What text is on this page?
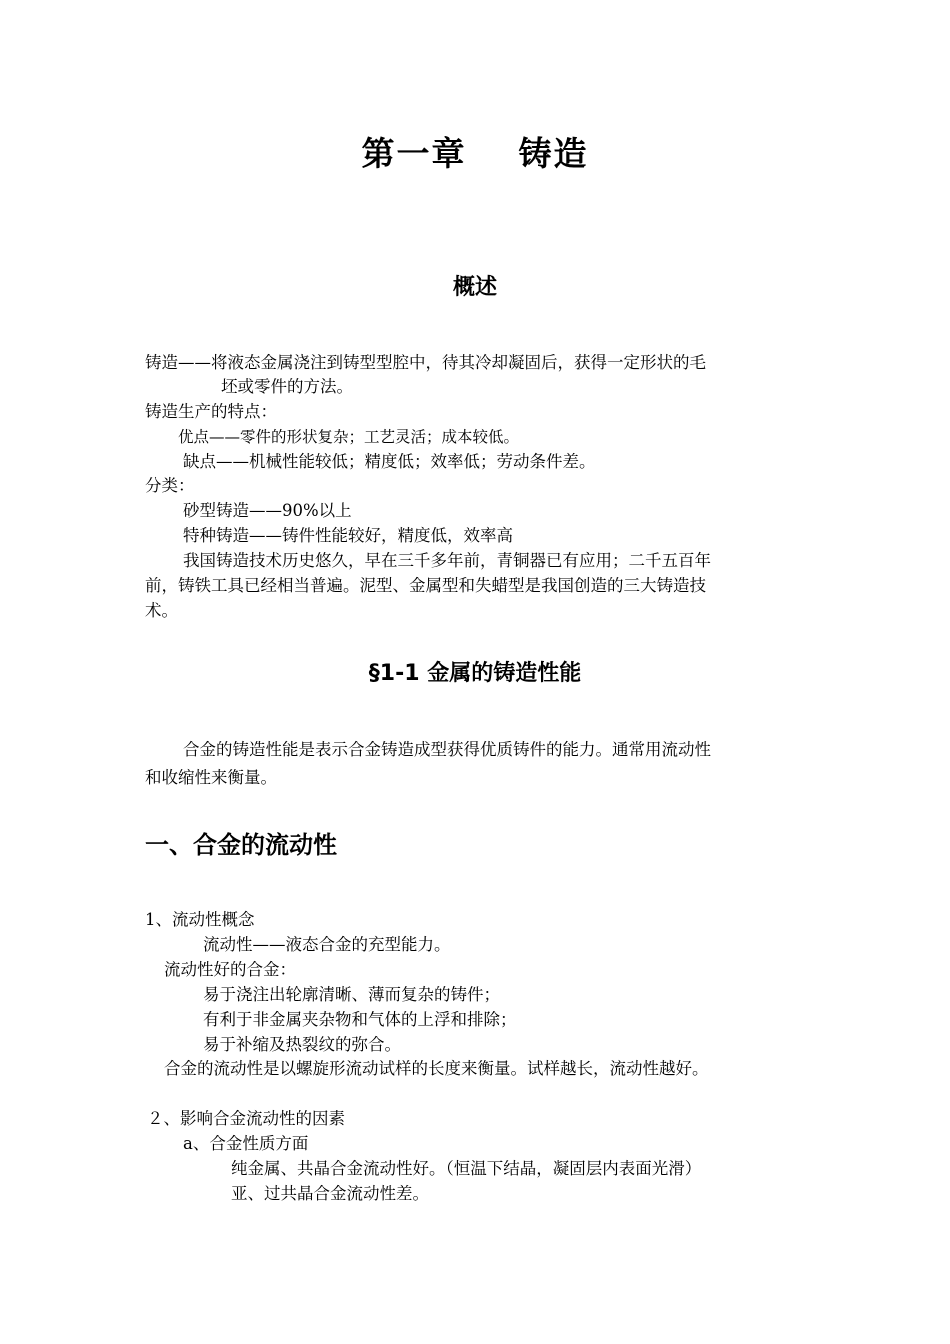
第一章 铸造
概述
铸造——将液态金属浇注到铸型型腔中，待其冷却凝固后，获得一定形状的毛
坯或零件的方法。
铸造生产的特点：
优点——零件的形状复杂；工艺灵活；成本较低。
缺点——机械性能较低；精度低；效率低；劳动条件差。
分类：
砂型铸造——90%以上
特种铸造——铸件性能较好，精度低，效率高
我国铸造技术历史悠久，早在三千多年前，青铜器已有应用；二千五百年
前，铸铁工具已经相当普遍。泥型、金属型和失蜡型是我国创造的三大铸造技
术。
§1-1 金属的铸造性能
合金的铸造性能是表示合金铸造成型获得优质铸件的能力。通常用流动性
和收缩性来衡量。
一、合金的流动性
1、流动性概念
流动性——液态合金的充型能力。
流动性好的合金：
易于浇注出轮廓清晰、薄而复杂的铸件；
有利于非金属夹杂物和气体的上浮和排除；
易于补缩及热裂纹的弥合。
合金的流动性是以螺旋形流动试样的长度来衡量。试样越长，流动性越好。
２、影响合金流动性的因素
a、合金性质方面
纯金属、共晶合金流动性好。（恒温下结晶，凝固层内表面光滑）
亚、过共晶合金流动性差。
